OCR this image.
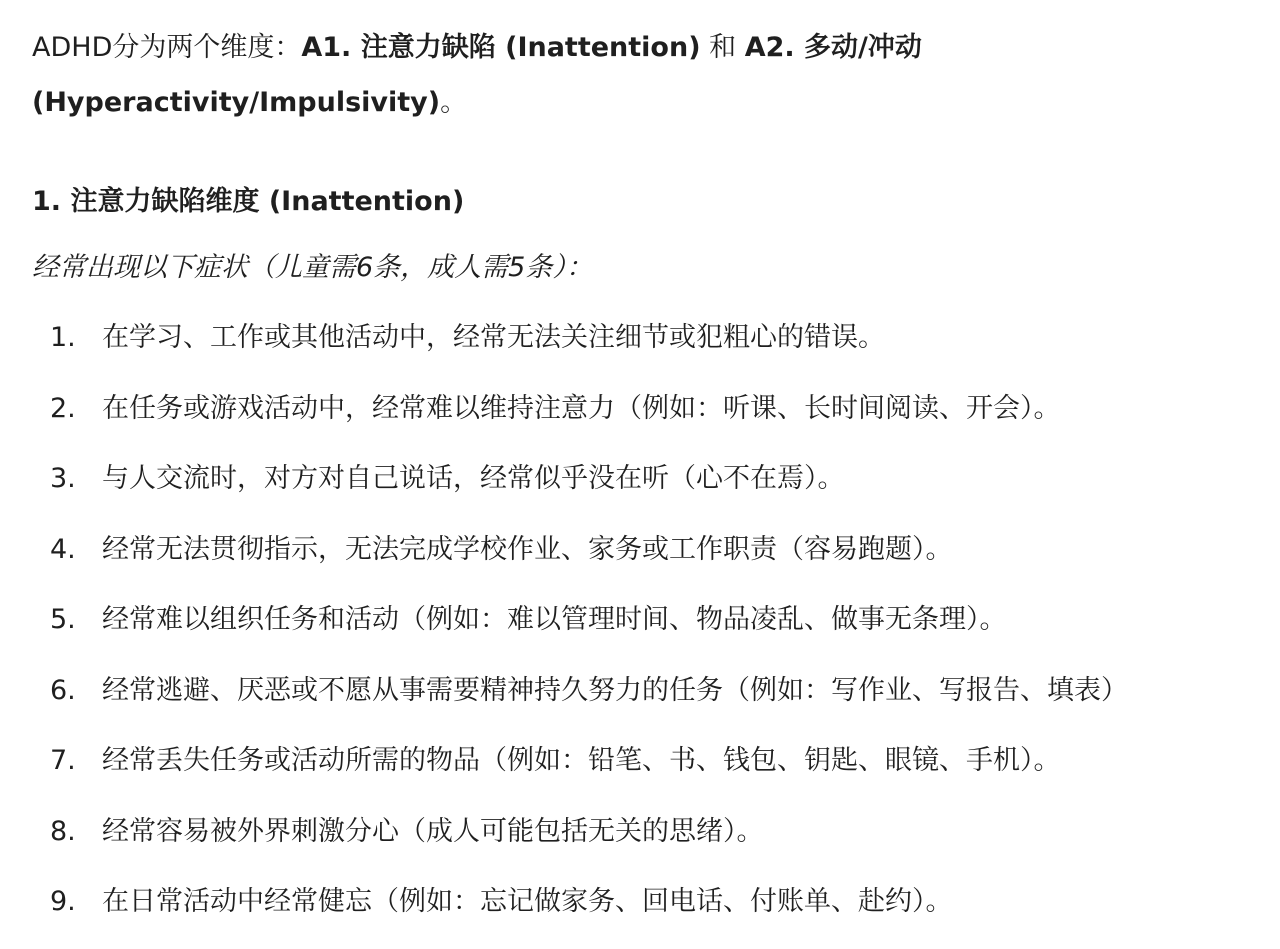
ADHD分为两个维度：A1. 注意力缺陷 (Inattention) 和 A2. 多动/冲动 (Hyperactivity/Impulsivity)。

1. 注意力缺陷维度 (Inattention)
经常出现以下症状（儿童需6条，成人需5条）：
1. 在学习、工作或其他活动中，经常无法关注细节或犯粗心的错误。
2. 在任务或游戏活动中，经常难以维持注意力（例如：听课、长时间阅读、开会）。
3. 与人交流时，对方对自己说话，经常似乎没在听（心不在焉）。
4. 经常无法贯彻指示，无法完成学校作业、家务或工作职责（容易跑题）。
5. 经常难以组织任务和活动（例如：难以管理时间、物品凌乱、做事无条理）。
6. 经常逃避、厌恶或不愿从事需要精神持久努力的任务（例如：写作业、写报告、填表）
7. 经常丢失任务或活动所需的物品（例如：铅笔、书、钱包、钥匙、眼镜、手机）。
8. 经常容易被外界刺激分心（成人可能包括无关的思绪）。
9. 在日常活动中经常健忘（例如：忘记做家务、回电话、付账单、赴约）。
